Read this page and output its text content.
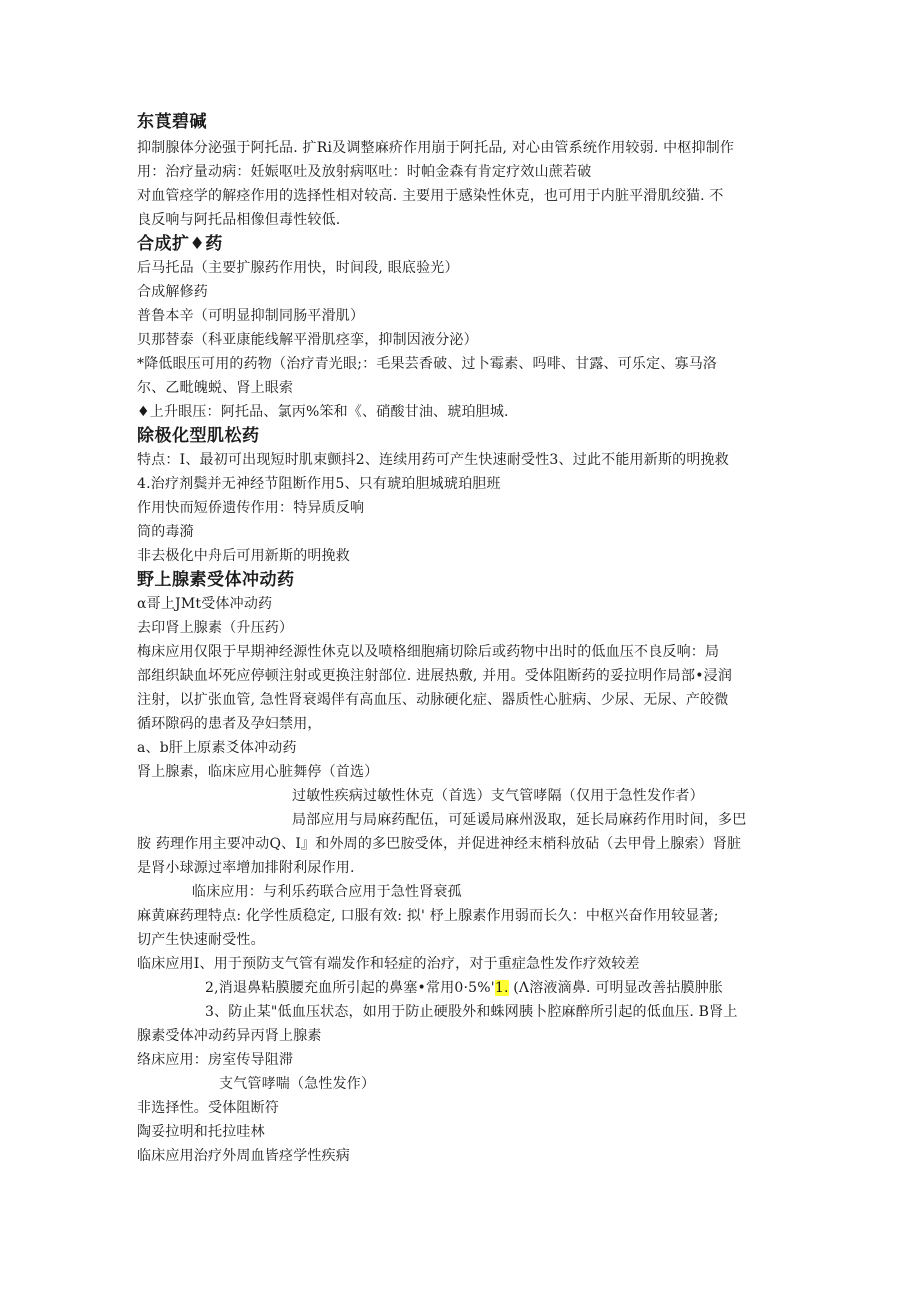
东莨碧碱

抑制腺体分泌强于阿托品. 扩Ri及调整麻疥作用崩于阿托品, 对心由管系统作用较弱. 中枢抑制作

用：治疗量动病：妊娠呕吐及放射病呕吐：时帕金森有肯定疗效山蔗若破

对血管痉学的解痉作用的选择性相对较高. 主要用于感染性休克，也可用于内脏平滑肌绞猫. 不

良反响与阿托品相像但毒性较低.

合成扩♦药

后马托品（主要扩腺药作用快，时间段, 眼底验光）

合成解修药

普鲁本辛（可明显抑制同肠平滑肌）

贝那替泰（科亚康能线解平滑肌痉挛，抑制因液分泌）

*降低眼压可用的药物（治疗青光眼;：毛果芸香破、过卜霉素、吗啡、甘露、可乐定、寡马洛

尔、乙毗魄蜕、肾上眼索

♦上升眼压：阿托品、氯丙%笨和《、硝酸甘油、琥珀胆城.

除极化型肌松药

特点：I、最初可出现短时肌束颤抖2、连续用药可产生快速耐受性3、过此不能用新斯的明挽救

4.治疗剂鬓并无神经节阻断作用5、只有琥珀胆城琥珀胆班

作用快而短侨遗传作用：特异质反响

筒的毒漪

非去极化中舟后可用新斯的明挽救

野上腺素受体冲动药

α哥上JMt受体冲动药

去印肾上腺素（升压药）

梅床应用仅限于早期神经源性休克以及喷格细胞痛切除后或药物中出时的低血压不良反响：局

部组织缺血坏死应停顿注射或更换注射部位. 进展热敷, 并用。受体阻断药的妥拉明作局部•浸润

注射，以扩张血管, 急性肾衰竭伴有高血压、动脉硬化症、器质性心脏病、少尿、无尿、产皎微

循环隙码的患者及孕妇禁用，

a、b肝上原素爻体冲动药

肾上腺素，临床应用心脏舞停（首选）

过敏性疾病过敏性休克（首选）支气管哮隔（仅用于急性发作者）

局部应用与局麻药配伍，可延谖局麻州汲取，延长局麻药作用时间，多巴

胺 药理作用主要冲动Q、I』和外周的多巴胺受体，并促进神经末梢科放砧（去甲骨上腺索）肾脏

是肾小球源过率增加排附利尿作用.

临床应用：与利乐药联合应用于急性肾衰孤

麻黄麻药理特点: 化学性质稳定, 口服有效: 拟' 杼上腺素作用弱而长久：中枢兴奋作用较显著;

切产生快速耐受性。

临床应用I、用于预防支气管有端发作和轻症的治疗，对于重症急性发作疗效较差

2,消退鼻粘膜腰充血所引起的鼻塞•常用0·5%'1. (Λ溶液滴鼻. 可明显改善拈膜肿胀

3、防止某"低血压状态，如用于防止硬股外和蛛网胰卜腔麻醉所引起的低血压. B肾上

腺素受体冲动药异丙肾上腺素

络床应用：房室传导阻滞

支气管哮喘（急性发作）

非选择性。受体阻断符

陶妥拉明和托拉哇林

临床应用治疗外周血皆痉学性疾病
